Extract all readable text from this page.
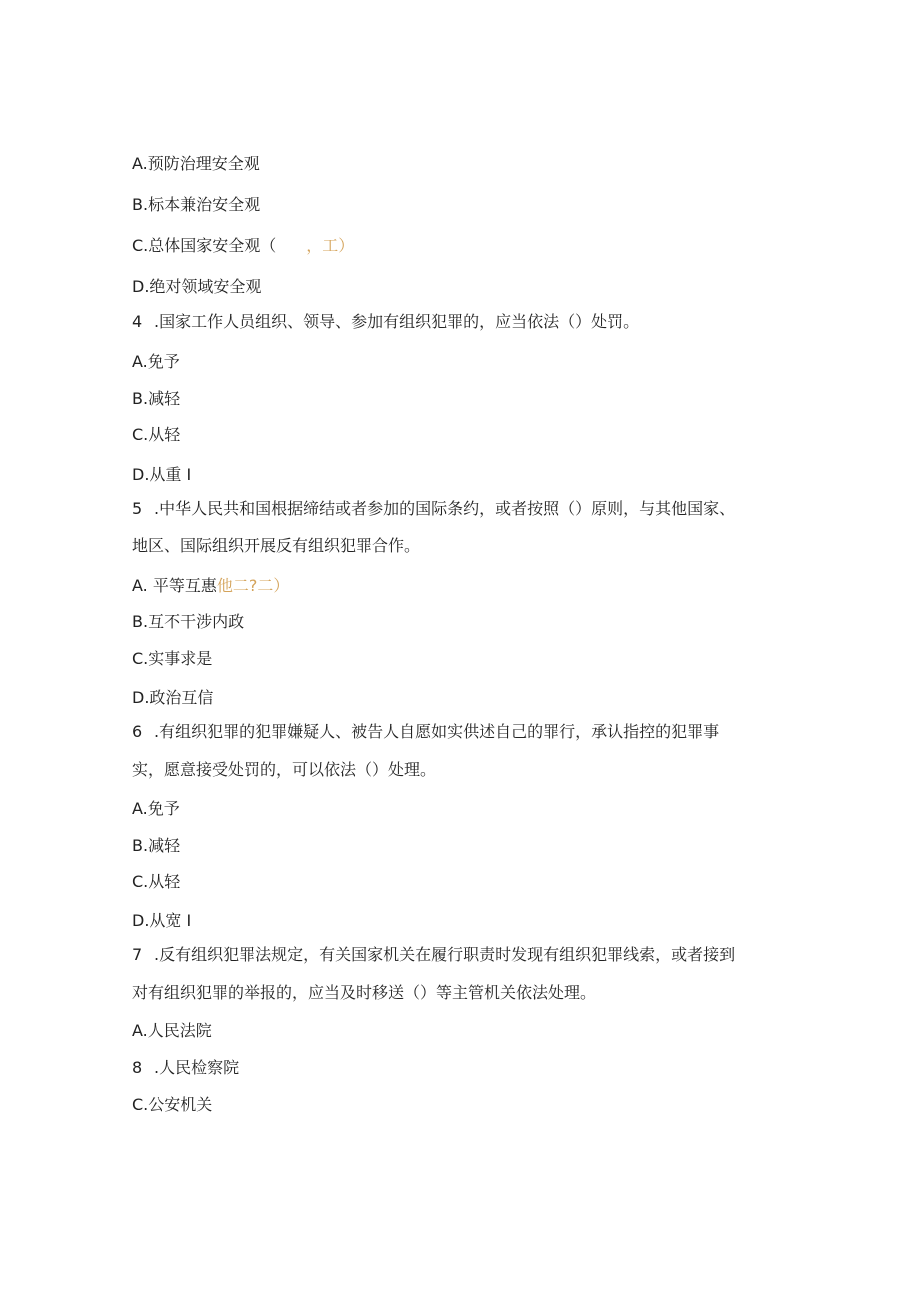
A.预防治理安全观
B.标本兼治安全观
C.总体国家安全观（ ，工）
D.绝对领域安全观
4 .国家工作人员组织、领导、参加有组织犯罪的，应当依法（）处罚。
A.免予
B.减轻
C.从轻
D.从重 I
5 .中华人民共和国根据缔结或者参加的国际条约，或者按照（）原则，与其他国家、
地区、国际组织开展反有组织犯罪合作。
A. 平等互惠他二?二）
B.互不干涉内政
C.实事求是
D.政治互信
6 .有组织犯罪的犯罪嫌疑人、被告人自愿如实供述自己的罪行，承认指控的犯罪事
实，愿意接受处罚的，可以依法（）处理。
A.免予
B.减轻
C.从轻
D.从宽 I
7 .反有组织犯罪法规定，有关国家机关在履行职责时发现有组织犯罪线索，或者接到
对有组织犯罪的举报的，应当及时移送（）等主管机关依法处理。
A.人民法院
8 .人民检察院
C.公安机关
